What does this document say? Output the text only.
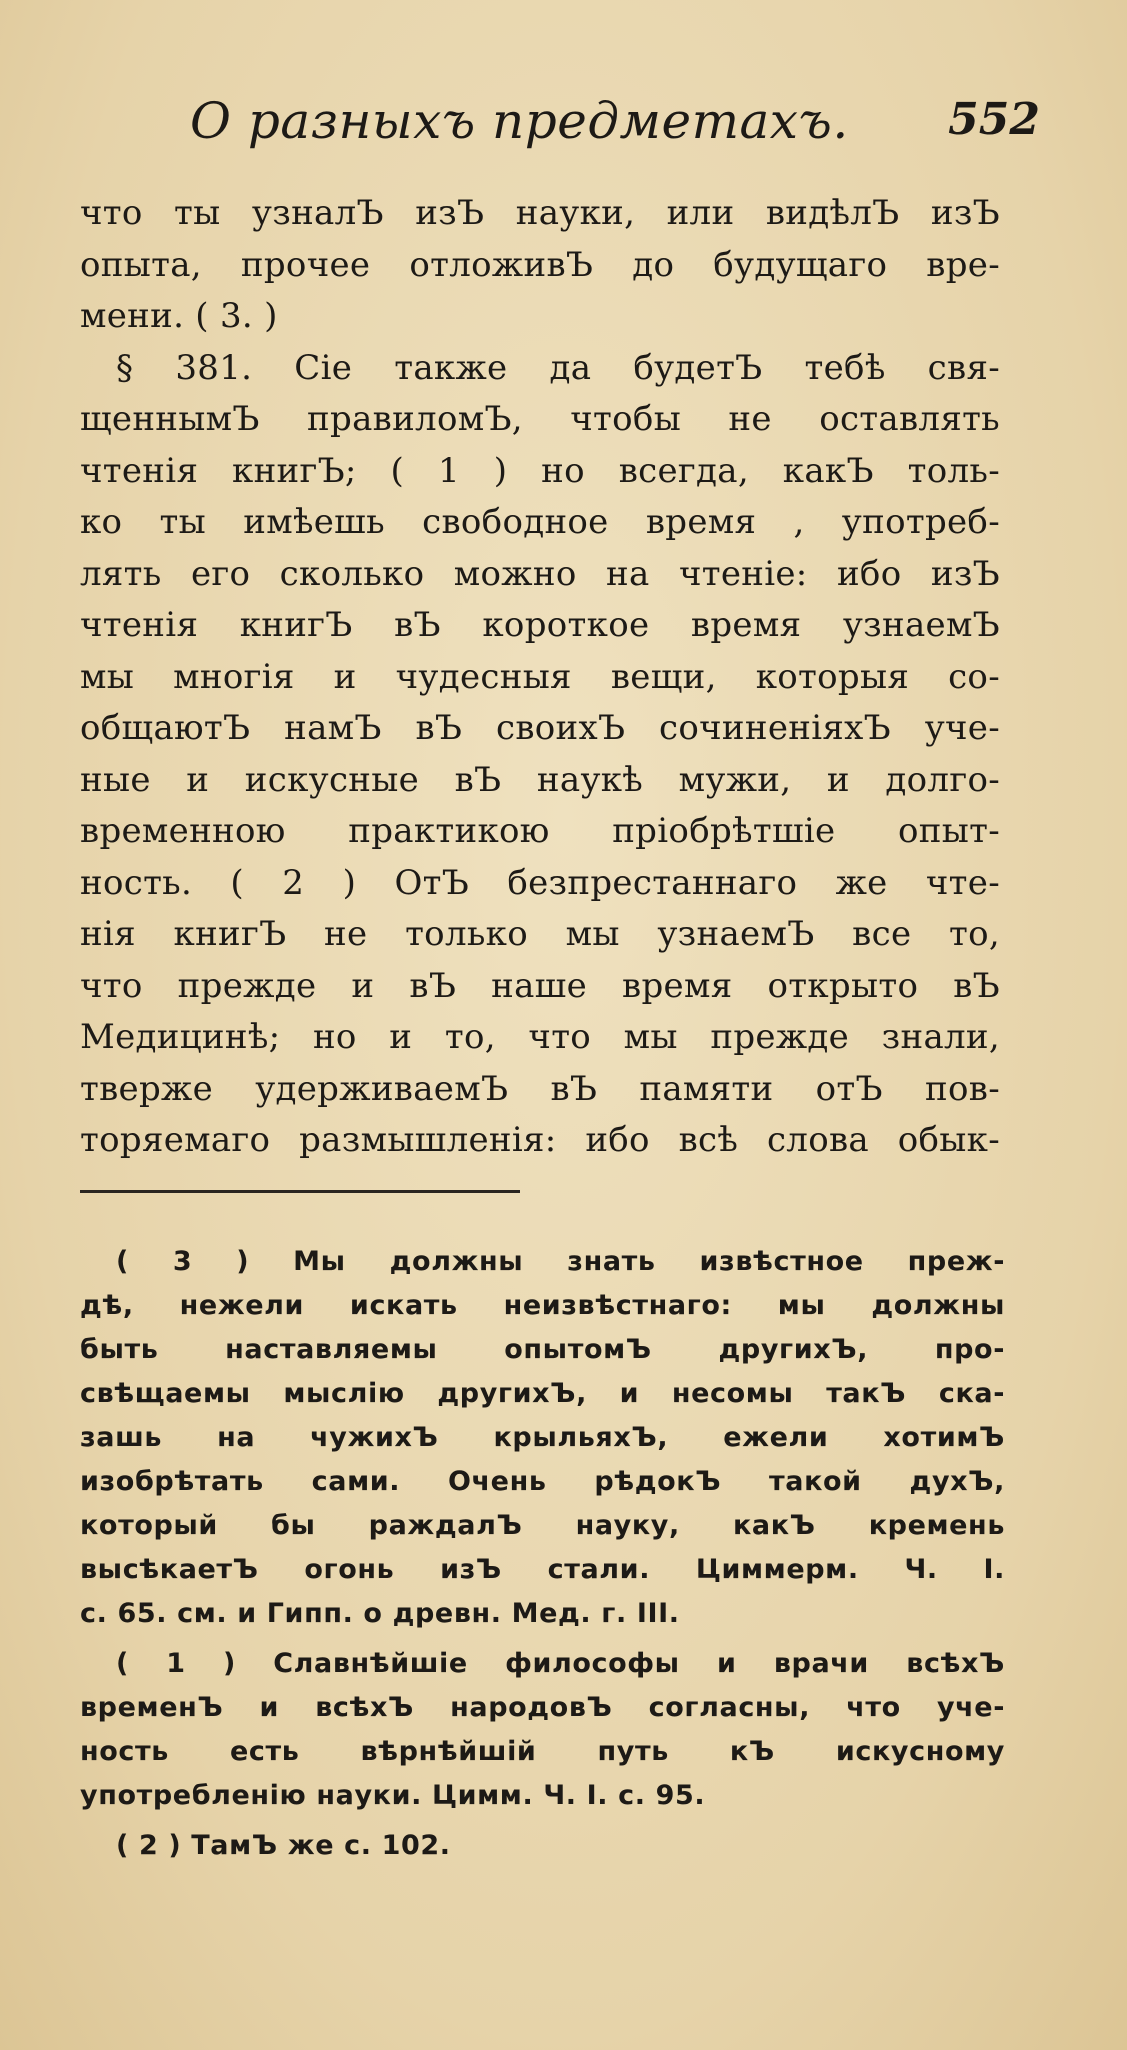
О разныхъ предметахъ. 552
что ты узналЪ изЪ науки, или видѣлЪ изЪ
опыта, прочее отложивЪ до будущаго вре-
мени. ( 3. )
§ 381. Сіе также да будетЪ тебѣ свя-
щеннымЪ правиломЪ, чтобы не оставлять
чтенія книгЪ; ( 1 ) но всегда, какЪ толь-
ко ты имѣешь свободное время , употреб-
лять его сколько можно на чтеніе: ибо изЪ
чтенія книгЪ вЪ короткое время узнаемЪ
мы многія и чудесныя вещи, которыя со-
общаютЪ намЪ вЪ своихЪ сочиненіяхЪ уче-
ные и искусные вЪ наукѣ мужи, и долго-
временною практикою пріобрѣтшіе опыт-
ность. ( 2 ) ОтЪ безпрестаннаго же чте-
нія книгЪ не только мы узнаемЪ все то,
что прежде и вЪ наше время открыто вЪ
Медицинѣ; но и то, что мы прежде знали,
тверже удерживаемЪ вЪ памяти отЪ пов-
торяемаго размышленія: ибо всѣ слова обык-
( 3 ) Мы должны знать извѣстное преж-
дѣ, нежели искать неизвѣстнаго: мы должны
быть наставляемы опытомЪ другихЪ, про-
свѣщаемы мыслію другихЪ, и несомы такЪ ска-
зашь на чужихЪ крыльяхЪ, ежели хотимЪ
изобрѣтать сами. Очень рѣдокЪ такой духЪ,
который бы раждалЪ науку, какЪ кремень
высѣкаетЪ огонь изЪ стали. Циммерм. Ч. I.
с. 65. см. и Гипп. о древн. Мед. г. III.
( 1 ) Славнѣйшіе философы и врачи всѣхЪ
временЪ и всѣхЪ народовЪ согласны, что уче-
ность есть вѣрнѣйшій путь кЪ искусному
употребленію науки. Цимм. Ч. I. с. 95.
( 2 ) ТамЪ же с. 102.
